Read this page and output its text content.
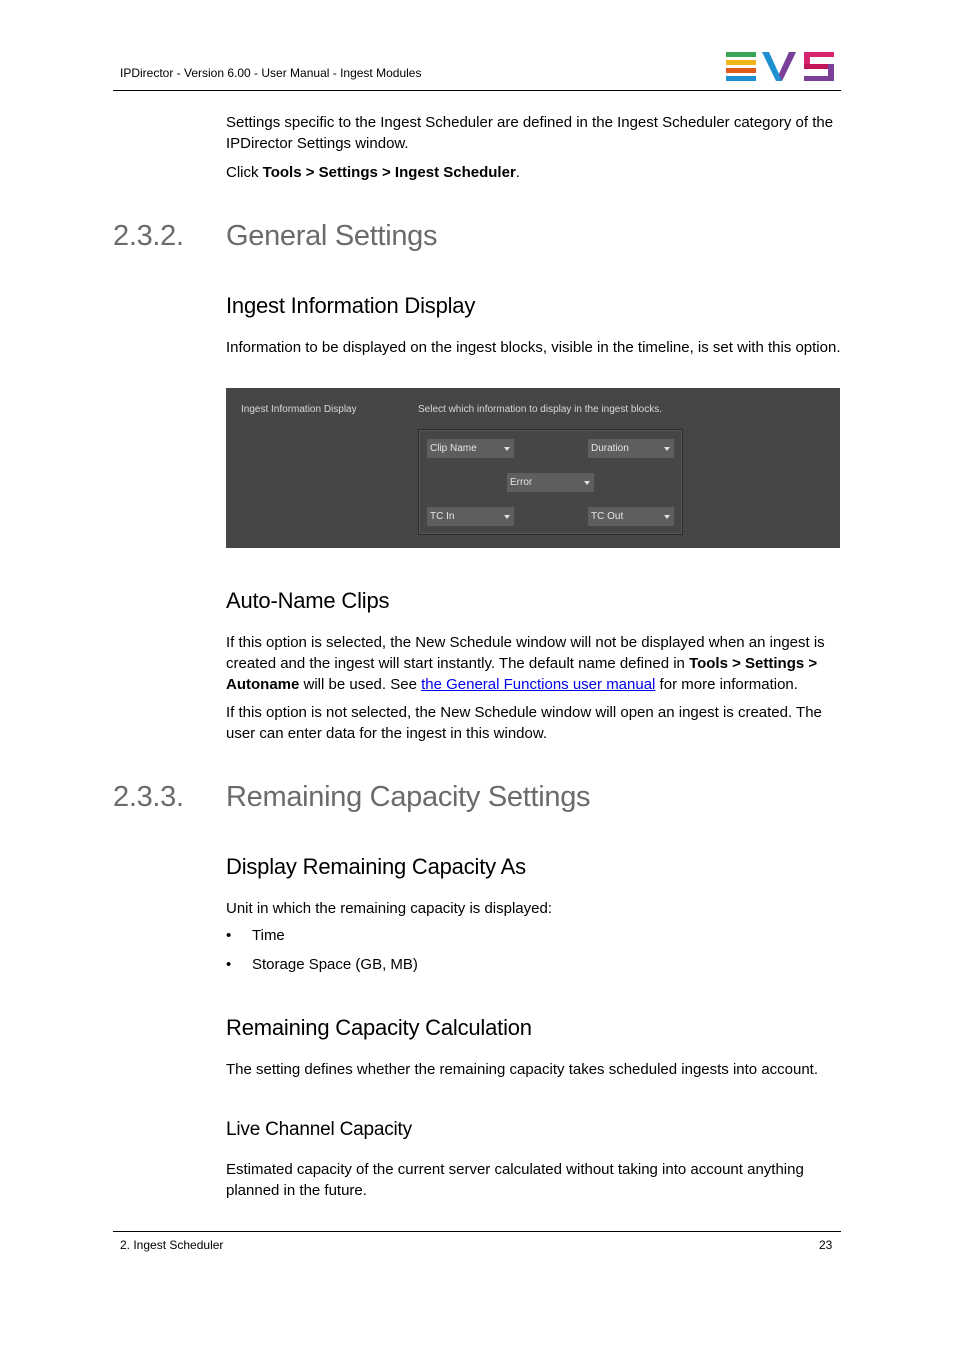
IPDirector - Version 6.00 - User Manual - Ingest Modules
Settings specific to the Ingest Scheduler are defined in the Ingest Scheduler category of the IPDirector Settings window.
Click Tools > Settings > Ingest Scheduler.
2.3.2. General Settings
Ingest Information Display
Information to be displayed on the ingest blocks, visible in the timeline, is set with this option.
Ingest Information Display	Select which information to display in the ingest blocks.
Clip Name	Duration
Error
TC In	TC Out
Auto-Name Clips
If this option is selected, the New Schedule window will not be displayed when an ingest is created and the ingest will start instantly. The default name defined in Tools > Settings > Autoname will be used. See the General Functions user manual for more information.
If this option is not selected, the New Schedule window will open an ingest is created. The user can enter data for the ingest in this window.
2.3.3. Remaining Capacity Settings
Display Remaining Capacity As
Unit in which the remaining capacity is displayed:
• Time
• Storage Space (GB, MB)
Remaining Capacity Calculation
The setting defines whether the remaining capacity takes scheduled ingests into account.
Live Channel Capacity
Estimated capacity of the current server calculated without taking into account anything planned in the future.
2. Ingest Scheduler	23
